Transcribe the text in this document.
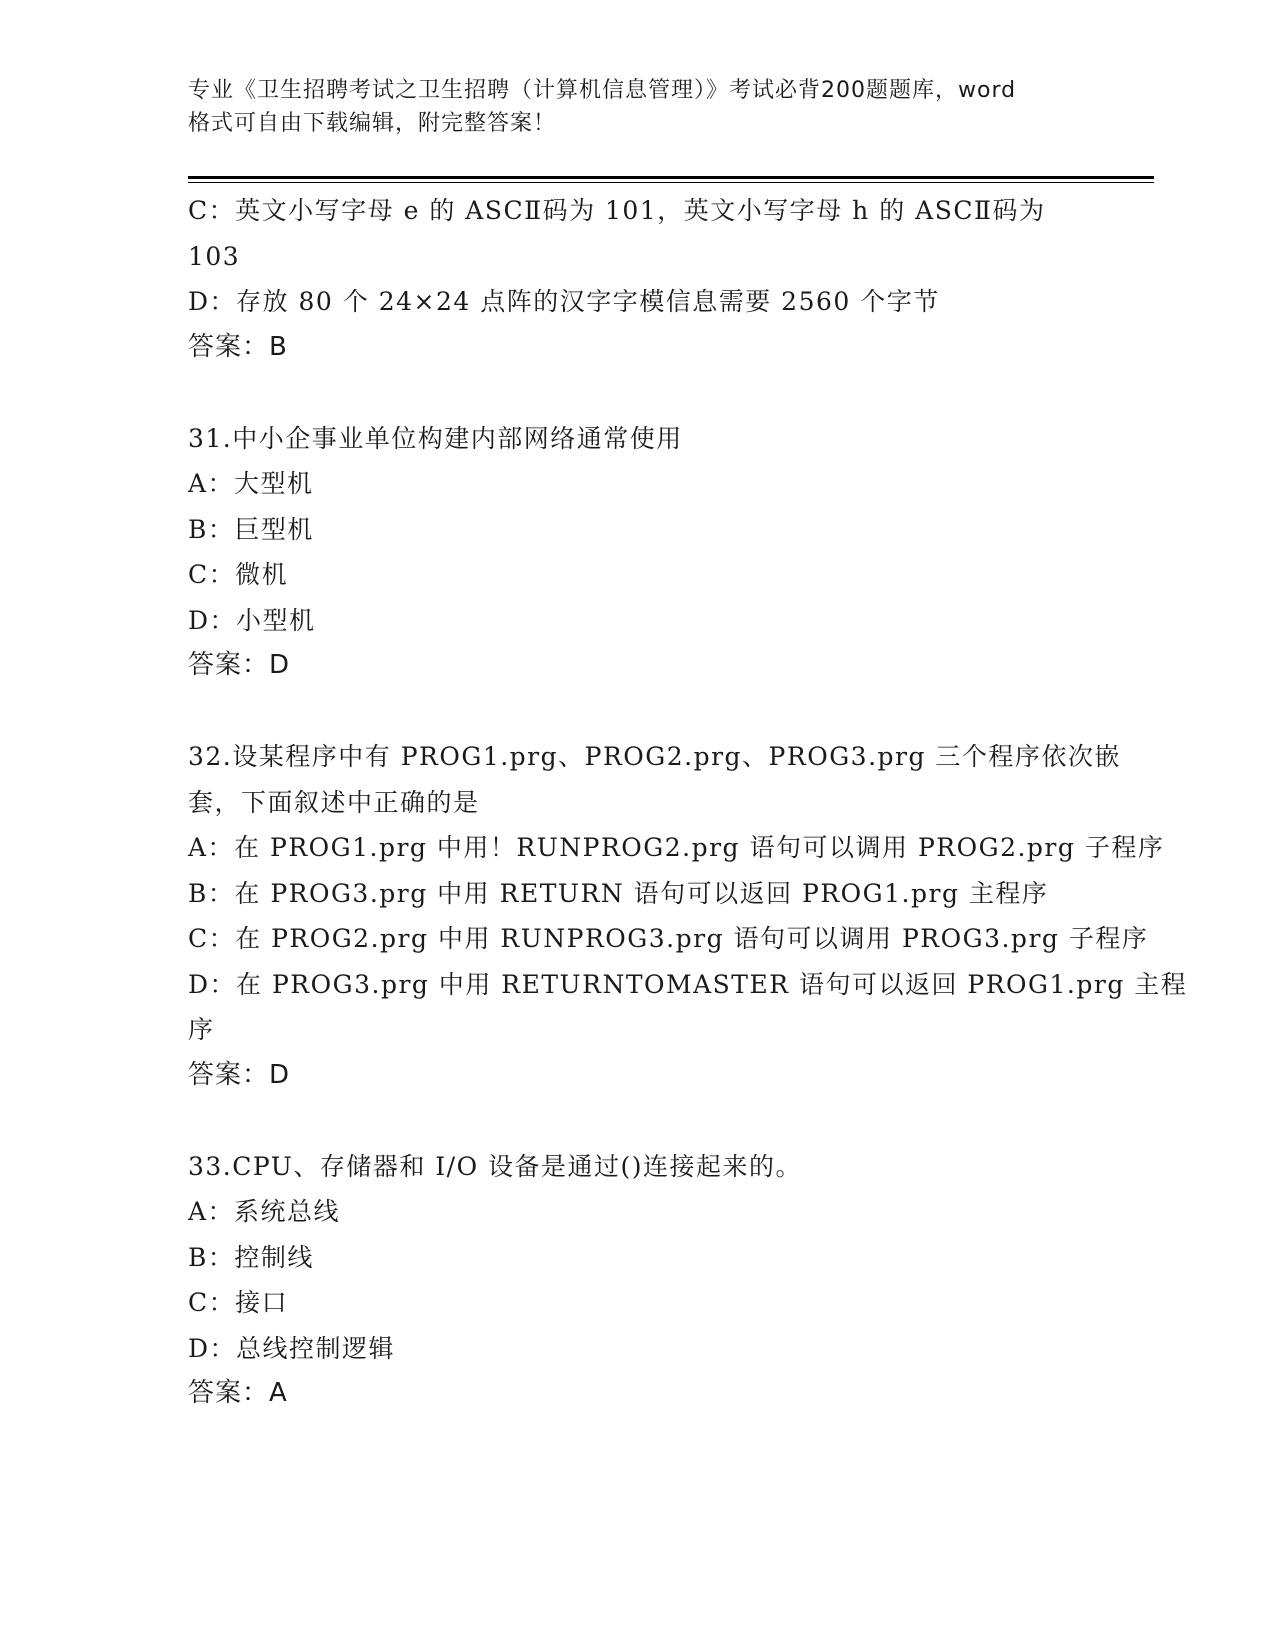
专业《卫生招聘考试之卫生招聘（计算机信息管理）》考试必背200题题库，word
格式可自由下载编辑，附完整答案！
C：英文小写字母 e 的 ASCⅡ码为 101，英文小写字母 h 的 ASCⅡ码为
103
D：存放 80 个 24×24 点阵的汉字字模信息需要 2560 个字节
答案：B
31.中小企事业单位构建内部网络通常使用
A：大型机
B：巨型机
C：微机
D：小型机
答案：D
32.设某程序中有 PROG1.prg、PROG2.prg、PROG3.prg 三个程序依次嵌
套，下面叙述中正确的是
A：在 PROG1.prg 中用！RUNPROG2.prg 语句可以调用 PROG2.prg 子程序
B：在 PROG3.prg 中用 RETURN 语句可以返回 PROG1.prg 主程序
C：在 PROG2.prg 中用 RUNPROG3.prg 语句可以调用 PROG3.prg 子程序
D：在 PROG3.prg 中用 RETURNTOMASTER 语句可以返回 PROG1.prg 主程
序
答案：D
33.CPU、存储器和 I/O 设备是通过()连接起来的。
A：系统总线
B：控制线
C：接口
D：总线控制逻辑
答案：A
